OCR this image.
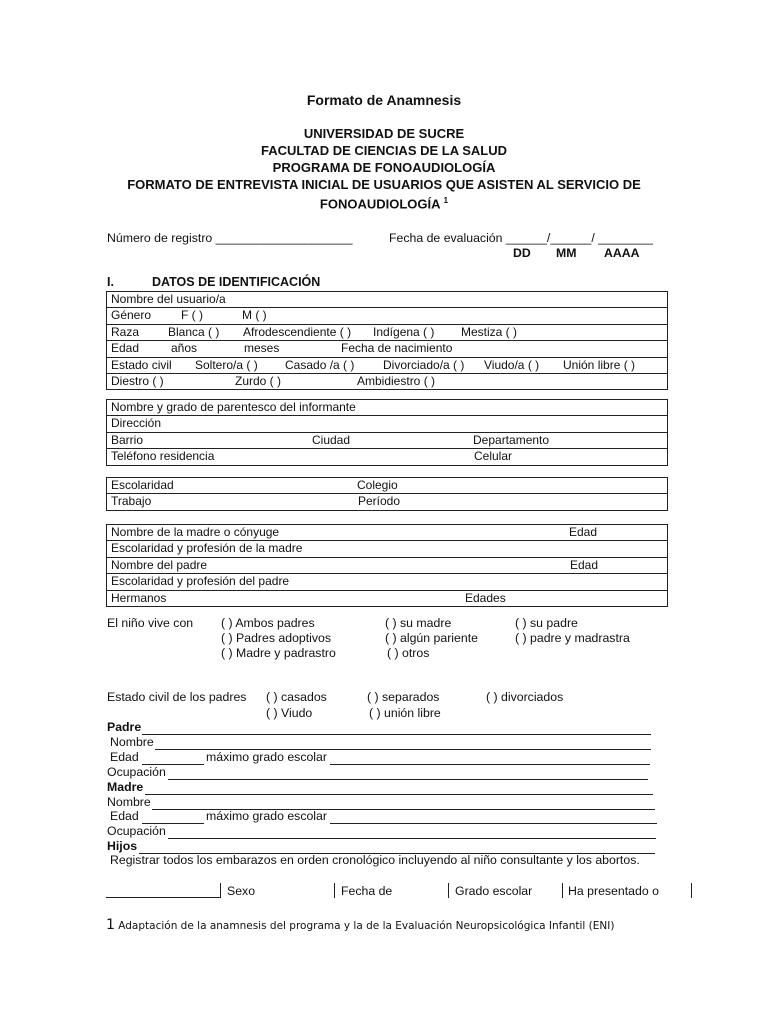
Formato de Anamnesis
UNIVERSIDAD DE SUCRE
FACULTAD DE CIENCIAS DE LA SALUD
PROGRAMA DE FONOAUDIOLOGÍA
FORMATO DE ENTREVISTA INICIAL DE USUARIOS QUE ASISTEN AL SERVICIO DE
FONOAUDIOLOGÍA $^1$
Número de registro ____________________	Fecha de evaluación ______/______/ ________
DD MM AAAA
I.	DATOS DE IDENTIFICACIÓN
Nombre del usuario/a
Género F ( )	M ( )
Raza Blanca ( ) Afrodescendiente ( ) Indígena ( ) Mestiza ( )
Edad	años	meses	Fecha de nacimiento
Estado civil Soltero/a ( ) Casado /a ( ) Divorciado/a ( ) Viudo/a ( ) Unión libre ( )
Diestro ( )	Zurdo ( )	Ambidiestro ( )
Nombre y grado de parentesco del informante
Dirección
Barrio	Ciudad	Departamento
Teléfono residencia	Celular
Escolaridad	Colegio
Trabajo	Período
Nombre de la madre o cónyuge	Edad
Escolaridad y profesión de la madre
Nombre del padre	Edad
Escolaridad y profesión del padre
Hermanos	Edades
El niño vive con ( ) Ambos padres	( ) su madre	( ) su padre
( ) Padres adoptivos	( ) algún pariente	( ) padre y madrastra
( ) Madre y padrastro	( ) otros
Estado civil de los padres ( ) casados	( ) separados	( ) divorciados
( ) Viudo	( ) unión libre
Padre
Nombre
Edad	máximo grado escolar
Ocupación
Madre
Nombre
Edad	máximo grado escolar
Ocupación
Hijos
Registrar todos los embarazos en orden cronológico incluyendo al niño consultante y los abortos.
Sexo	Fecha de	Grado escolar	Ha presentado o
1 Adaptación de la anamnesis del programa y la de la Evaluación Neuropsicológica Infantil (ENI)
